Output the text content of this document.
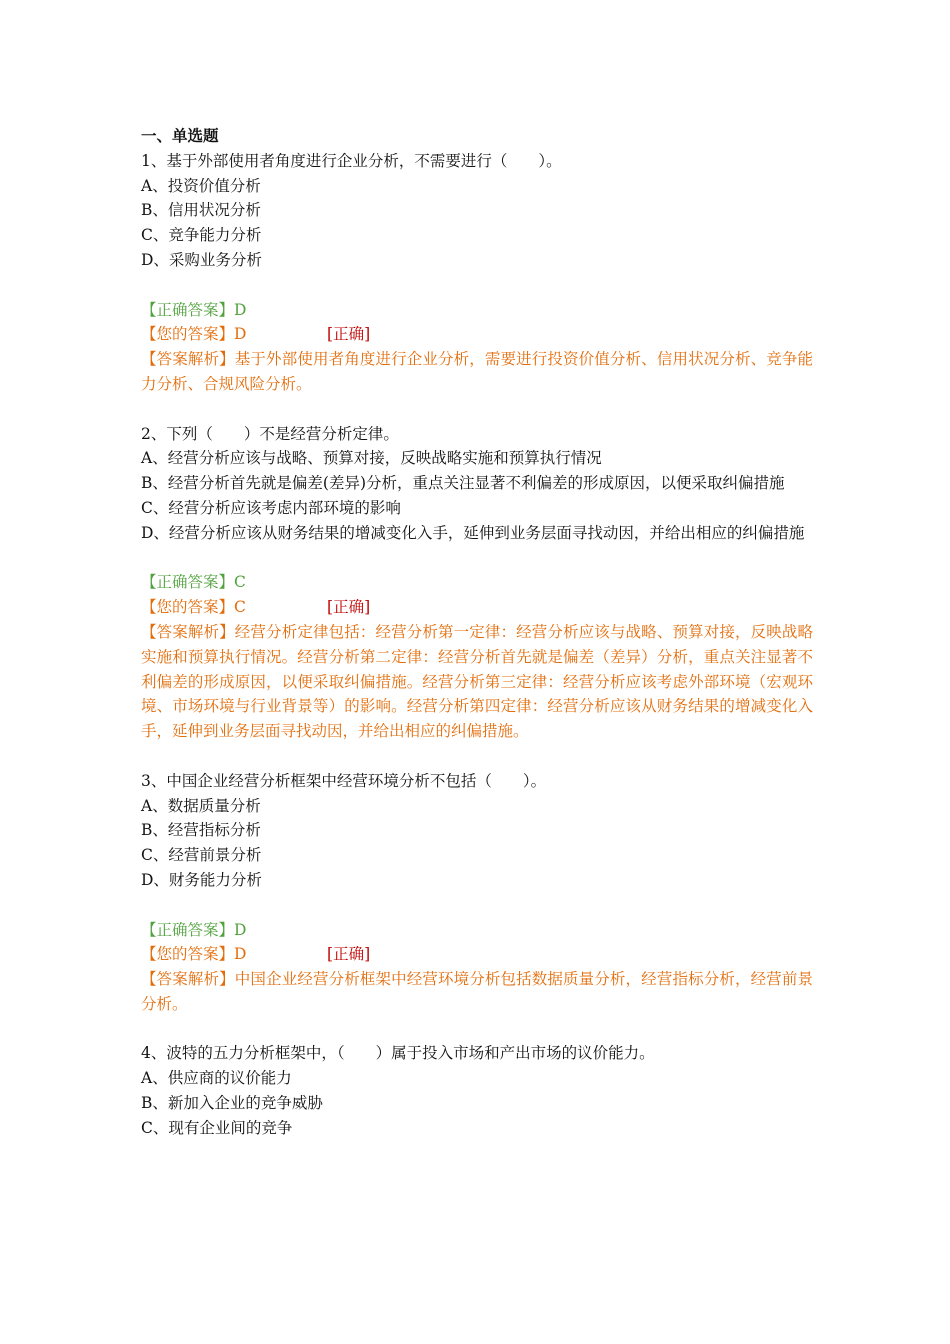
一、单选题
1、基于外部使用者角度进行企业分析，不需要进行（　　）。
A、投资价值分析
B、信用状况分析
C、竞争能力分析
D、采购业务分析
【正确答案】D
【您的答案】 D	[正确]
【答案解析】基于外部使用者角度进行企业分析，需要进行投资价值分析、信用状况分析、竞争能力分析、合规风险分析。
2、下列（　　）不是经营分析定律。
A、经营分析应该与战略、预算对接，反映战略实施和预算执行情况
B、经营分析首先就是偏差(差异)分析，重点关注显著不利偏差的形成原因，以便采取纠偏措施
C、经营分析应该考虑内部环境的影响
D、经营分析应该从财务结果的增减变化入手，延伸到业务层面寻找动因，并给出相应的纠偏措施
【正确答案】C
【您的答案】 C	[正确]
【答案解析】经营分析定律包括：经营分析第一定律：经营分析应该与战略、预算对接，反映战略实施和预算执行情况。经营分析第二定律：经营分析首先就是偏差（差异）分析，重点关注显著不利偏差的形成原因，以便采取纠偏措施。经营分析第三定律：经营分析应该考虑外部环境（宏观环境、市场环境与行业背景等）的影响。经营分析第四定律：经营分析应该从财务结果的增减变化入手，延伸到业务层面寻找动因，并给出相应的纠偏措施。
3、中国企业经营分析框架中经营环境分析不包括（　　）。
A、数据质量分析
B、经营指标分析
C、经营前景分析
D、财务能力分析
【正确答案】D
【您的答案】 D	[正确]
【答案解析】中国企业经营分析框架中经营环境分析包括数据质量分析，经营指标分析，经营前景分析。
4、波特的五力分析框架中，（　　）属于投入市场和产出市场的议价能力。
A、供应商的议价能力
B、新加入企业的竞争威胁
C、现有企业间的竞争
